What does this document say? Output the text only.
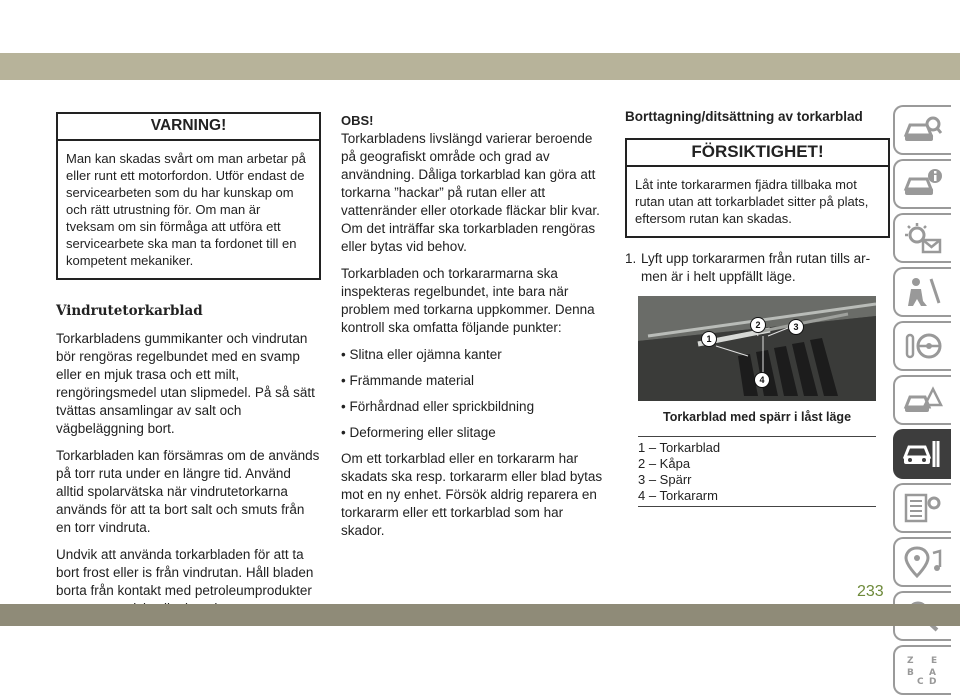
VARNING!
Man kan skadas svårt om man arbetar på eller runt ett motorfordon. Utför endast de servicearbeten som du har kunskap om och rätt utrustning för. Om man är tveksam om sin förmåga att utföra ett servicearbete ska man ta fordonet till en kompetent mekaniker.
Vindrutetorkarblad

Torkarbladens gummikanter och vindrutan bör rengöras regelbundet med en svamp eller en mjuk trasa och ett milt, rengöringsmedel utan slipmedel. På så sätt tvättas ansamlingar av salt och vägbeläggning bort.

Torkarbladen kan försämras om de används på torr ruta under en längre tid. Använd alltid spolarvätska när vindrutetorkarna används för att ta bort salt och smuts från en torr vindruta.

Undvik att använda torkarbladen för att ta bort frost eller is från vindrutan. Håll bladen borta från kontakt med petroleumprodukter

OBS!

Torkarbladens livslängd varierar beroende på geografiskt område och grad av användning. Dåliga torkarblad kan göra att torkarna ”hackar” på rutan eller att vattenränder eller otorkade fläckar blir kvar. Om det inträffar ska torkarbladen rengöras eller bytas vid behov.

Torkarbladen och torkararmarna ska inspekteras regelbundet, inte bara när problem med torkarna uppkommer. Denna kontroll ska omfatta följande punkter:

• Slitna eller ojämna kanter
• Främmande material
• Förhårdnad eller sprickbildning
• Deformering eller slitage

Om ett torkarblad eller en torkararm har skadats ska resp. torkararm eller blad bytas mot en ny enhet. Försök aldrig reparera en torkararm eller ett torkarblad som har skador.

Borttagning/ditsättning av torkarblad
FÖRSIKTIGHET!
Låt inte torkararmen fjädra tillbaka mot rutan utan att torkarbladet sitter på plats, eftersom rutan kan skadas.
1. Lyft upp torkararmen från rutan tills armen är i helt uppfällt läge.
1
2	3
4
Torkarblad med spärr i låst läge
1 – Torkarblad
2 – Kåpa
3 – Spärr
4 – Torkararm
Z E
B A
C D
233
